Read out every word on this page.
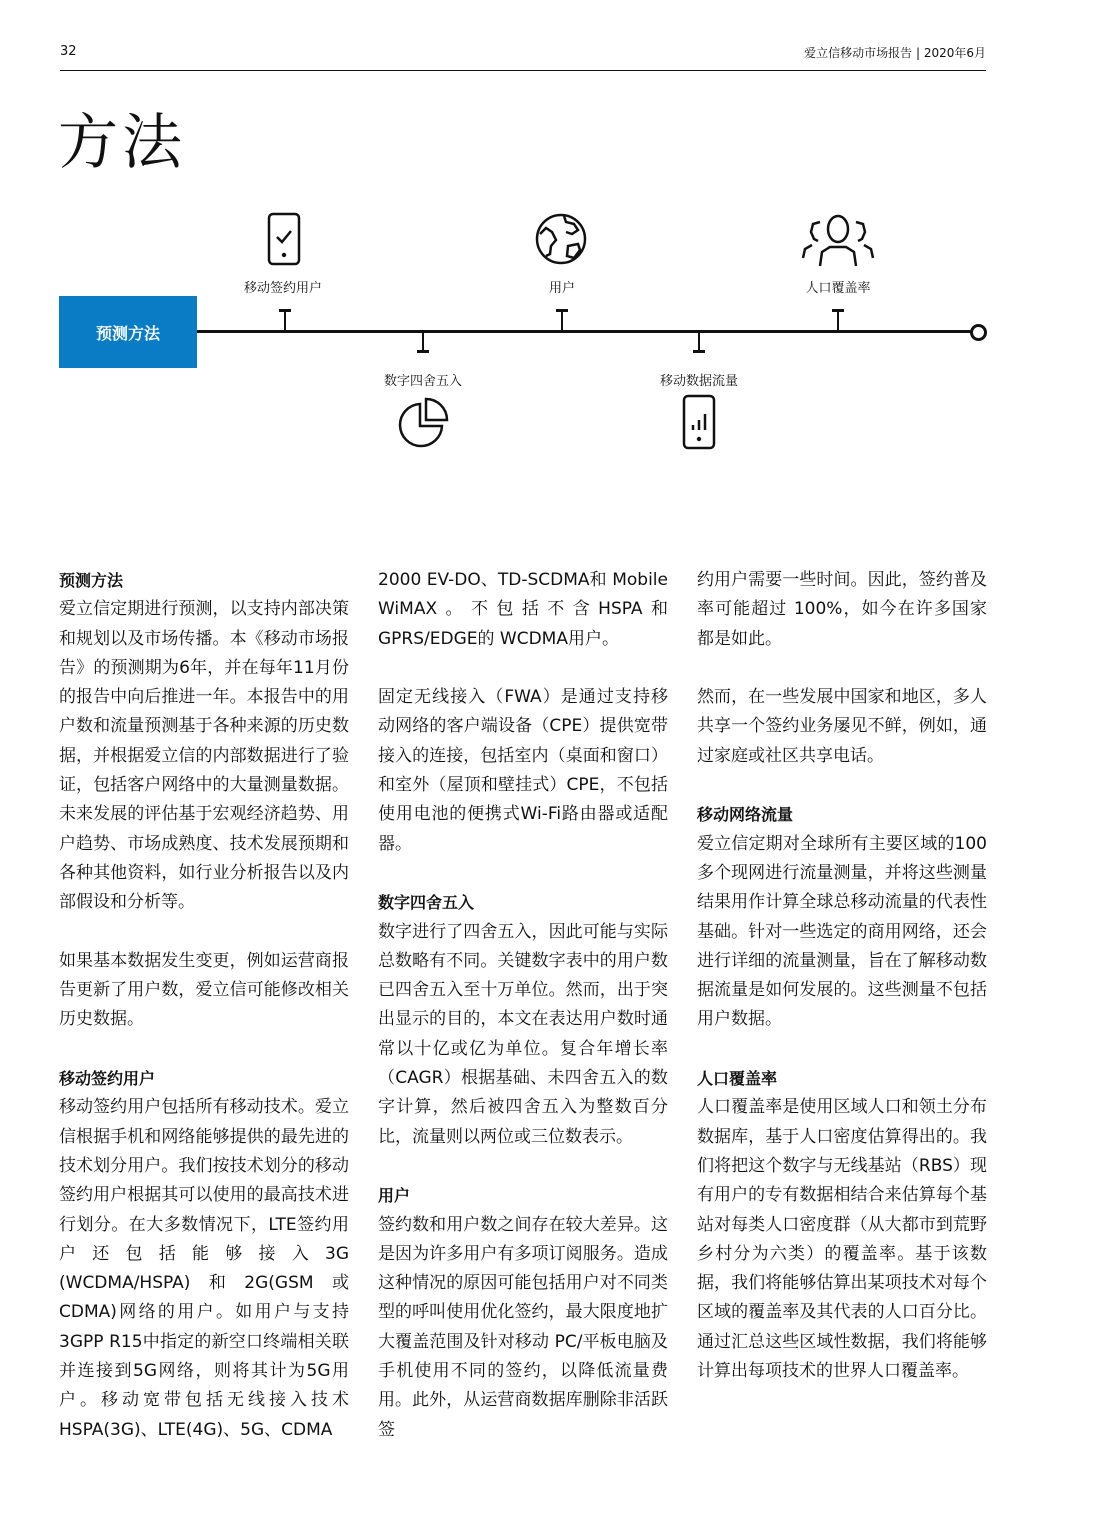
32	爱立信移动市场报告 | 2020年6月
方法
预测方法
移动签约用户	用户	人口覆盖率
数字四舍五入	移动数据流量
预测方法

爱立信定期进行预测，以支持内部决策和规划以及市场传播。本《移动市场报告》的预测期为6年，并在每年11月份的报告中向后推进一年。本报告中的用户数和流量预测基于各种来源的历史数据，并根据爱立信的内部数据进行了验证，包括客户网络中的大量测量数据。未来发展的评估基于宏观经济趋势、用户趋势、市场成熟度、技术发展预期和各种其他资料，如行业分析报告以及内部假设和分析等。

如果基本数据发生变更，例如运营商报告更新了用户数，爱立信可能修改相关历史数据。

移动签约用户

移动签约用户包括所有移动技术。爱立信根据手机和网络能够提供的最先进的技术划分用户。我们按技术划分的移动签约用户根据其可以使用的最高技术进行划分。在大多数情况下，LTE签约用户还包括能够接入3G (WCDMA/HSPA)和2G(GSM或CDMA)网络的用户。如用户与支持3GPP R15中指定的新空口终端相关联并连接到5G网络，则将其计为5G用户。移动宽带包括无线接入技术HSPA(3G)、LTE(4G)、5G、CDMA

2000 EV-DO、TD-SCDMA和 Mobile WiMAX。不包括不含HSPA和GPRS/EDGE的 WCDMA用户。

固定无线接入（FWA）是通过支持移动网络的客户端设备（CPE）提供宽带接入的连接，包括室内（桌面和窗口）和室外（屋顶和壁挂式）CPE，不包括使用电池的便携式Wi-Fi路由器或适配器。

数字四舍五入

数字进行了四舍五入，因此可能与实际总数略有不同。关键数字表中的用户数已四舍五入至十万单位。然而，出于突出显示的目的，本文在表达用户数时通常以十亿或亿为单位。复合年增长率（CAGR）根据基础、未四舍五入的数字计算，然后被四舍五入为整数百分比，流量则以两位或三位数表示。

用户

签约数和用户数之间存在较大差异。这是因为许多用户有多项订阅服务。造成这种情况的原因可能包括用户对不同类型的呼叫使用优化签约，最大限度地扩大覆盖范围及针对移动 PC/平板电脑及手机使用不同的签约，以降低流量费用。此外，从运营商数据库删除非活跃签

约用户需要一些时间。因此，签约普及率可能超过 100%，如今在许多国家都是如此。

然而，在一些发展中国家和地区，多人共享一个签约业务屡见不鲜，例如，通过家庭或社区共享电话。

移动网络流量

爱立信定期对全球所有主要区域的100多个现网进行流量测量，并将这些测量结果用作计算全球总移动流量的代表性基础。针对一些选定的商用网络，还会进行详细的流量测量，旨在了解移动数据流量是如何发展的。这些测量不包括用户数据。

人口覆盖率

人口覆盖率是使用区域人口和领土分布数据库，基于人口密度估算得出的。我们将把这个数字与无线基站（RBS）现有用户的专有数据相结合来估算每个基站对每类人口密度群（从大都市到荒野乡村分为六类）的覆盖率。基于该数据，我们将能够估算出某项技术对每个区域的覆盖率及其代表的人口百分比。通过汇总这些区域性数据，我们将能够计算出每项技术的世界人口覆盖率。
